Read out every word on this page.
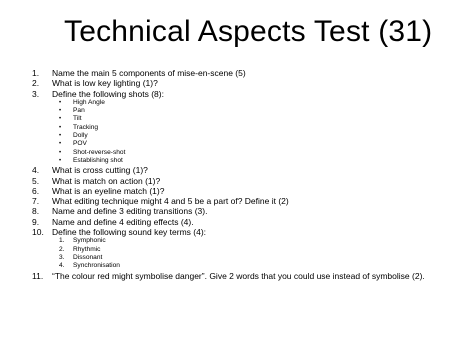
Technical Aspects Test (31)
1.	Name the main 5 components of mise-en-scene (5)
2.	What is low key lighting (1)?
3.	Define the following shots (8):
•
High Angle
•
Pan
•
Tilt
•
Tracking
•
Dolly
•
POV
•
Shot-reverse-shot
•
Establishing shot
4.	What is cross cutting (1)?
5.	What is match on action (1)?
6.	What is an eyeline match (1)?
7.	What editing technique might 4 and 5 be a part of? Define it (2)
8.	Name and define 3 editing transitions (3).
9.	Name and define 4 editing effects (4).
10. Define the following sound key terms (4):
1.	Symphonic
2.	Rhythmic
3.	Dissonant
4.	Synchronisation
11.	“The colour red might symbolise danger”. Give 2 words that you could use instead of symbolise (2).
